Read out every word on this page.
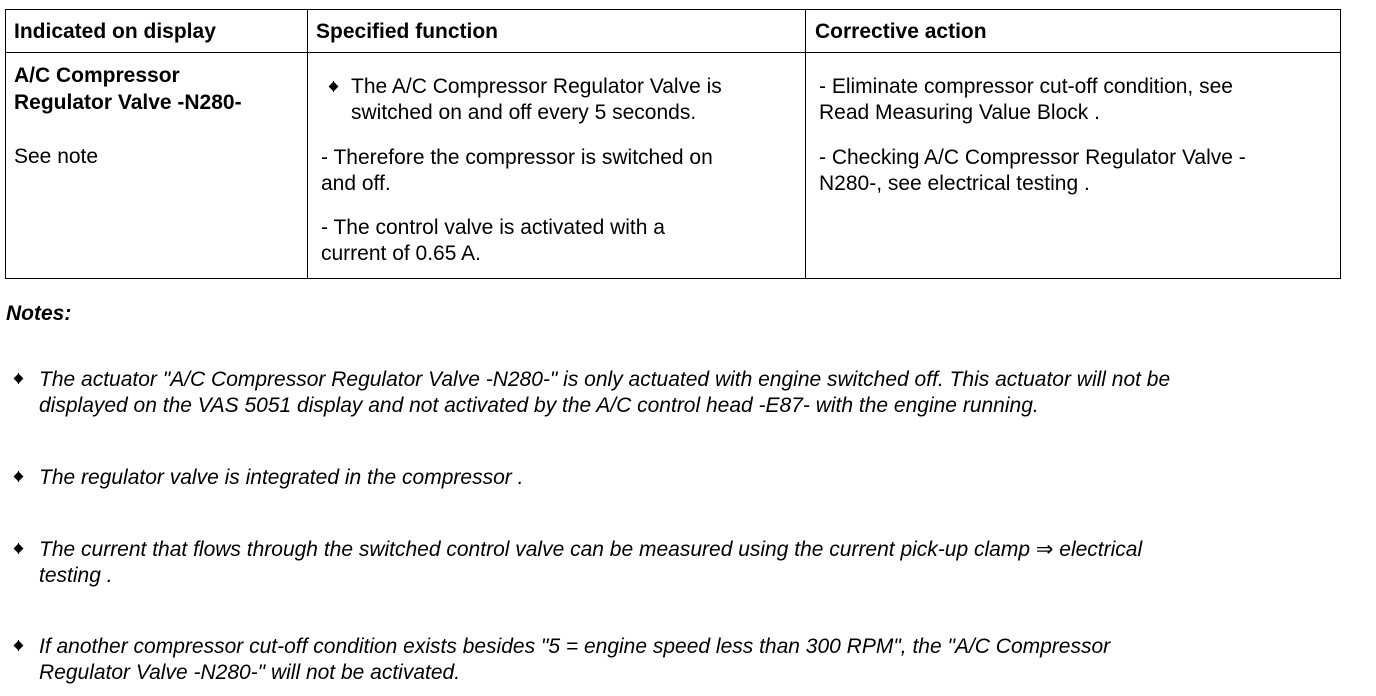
Indicated on display	Specified function	Corrective action
A/C Compressor
Regulator Valve -N280-
See note
The A/C Compressor Regulator Valve is
switched on and off every 5 seconds.
- Therefore the compressor is switched on
and off.
- The control valve is activated with a
current of 0.65 A.
- Eliminate compressor cut-off condition, see
Read Measuring Value Block .
- Checking A/C Compressor Regulator Valve -
N280-, see electrical testing .
Notes:
The actuator "A/C Compressor Regulator Valve -N280-" is only actuated with engine switched off. This actuator will not be
displayed on the VAS 5051 display and not activated by the A/C control head -E87- with the engine running.
The regulator valve is integrated in the compressor .
The current that flows through the switched control valve can be measured using the current pick-up clamp ⇒ electrical
testing .
If another compressor cut-off condition exists besides "5 = engine speed less than 300 RPM", the "A/C Compressor
Regulator Valve -N280-" will not be activated.
